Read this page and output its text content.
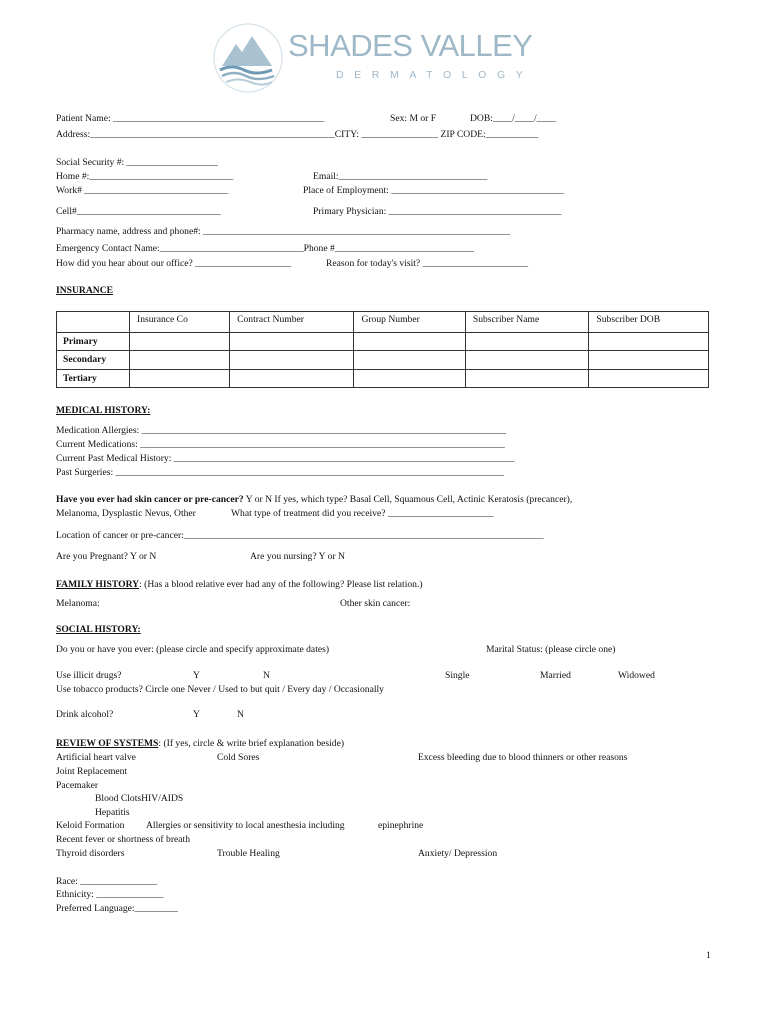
SHADES VALLEY
DERMATOLOGY
Patient Name: ____________________________________________	Sex: M or F	DOB:____/____/____
Address:___________________________________________________CITY: ________________ ZIP CODE:___________
Social Security #: ___________________
Home #:______________________________	Email:_______________________________
Work# ______________________________	Place of Employment: ____________________________________
Cell#______________________________	Primary Physician: ____________________________________
Pharmacy name, address and phone#: ________________________________________________________________
Emergency Contact Name:______________________________Phone #_____________________________
How did you hear about our office? ____________________	Reason for today's visit? ______________________
INSURANCE
	Insurance Co	Contract Number	Group Number	Subscriber Name	Subscriber DOB
Primary					
Secondary					
Tertiary					
MEDICAL HISTORY:
Medication Allergies: ____________________________________________________________________________
Current Medications: ____________________________________________________________________________
Current Past Medical History: _______________________________________________________________________
Past Surgeries: _________________________________________________________________________________
Have you ever had skin cancer or pre-cancer? Y or N If yes, which type? Basal Cell, Squamous Cell, Actinic Keratosis (precancer),
Melanoma, Dysplastic Nevus, Other	What type of treatment did you receive? ______________________
Location of cancer or pre-cancer:___________________________________________________________________________
Are you Pregnant? Y or N	Are you nursing? Y or N
FAMILY HISTORY: (Has a blood relative ever had any of the following? Please list relation.)
Melanoma:	Other skin cancer:
SOCIAL HISTORY:
Do you or have you ever: (please circle and specify approximate dates)	Marital Status: (please circle one)
Use illicit drugs?	Y	N	Single	Married	Widowed
Use tobacco products? Circle one Never / Used to but quit / Every day / Occasionally
Drink alcohol?	Y	N
REVIEW OF SYSTEMS: (If yes, circle & write brief explanation beside)
Artificial heart valve	Cold Sores	Excess bleeding due to blood thinners or other reasons
Joint Replacement
Pacemaker
Blood ClotsHIV/AIDS
Hepatitis
Keloid Formation Allergies or sensitivity to local anesthesia including	epinephrine
Recent fever or shortness of breath
Thyroid disorders	Trouble Healing	Anxiety/ Depression
Race: ________________
Ethnicity: ______________
Preferred Language:_________
1
